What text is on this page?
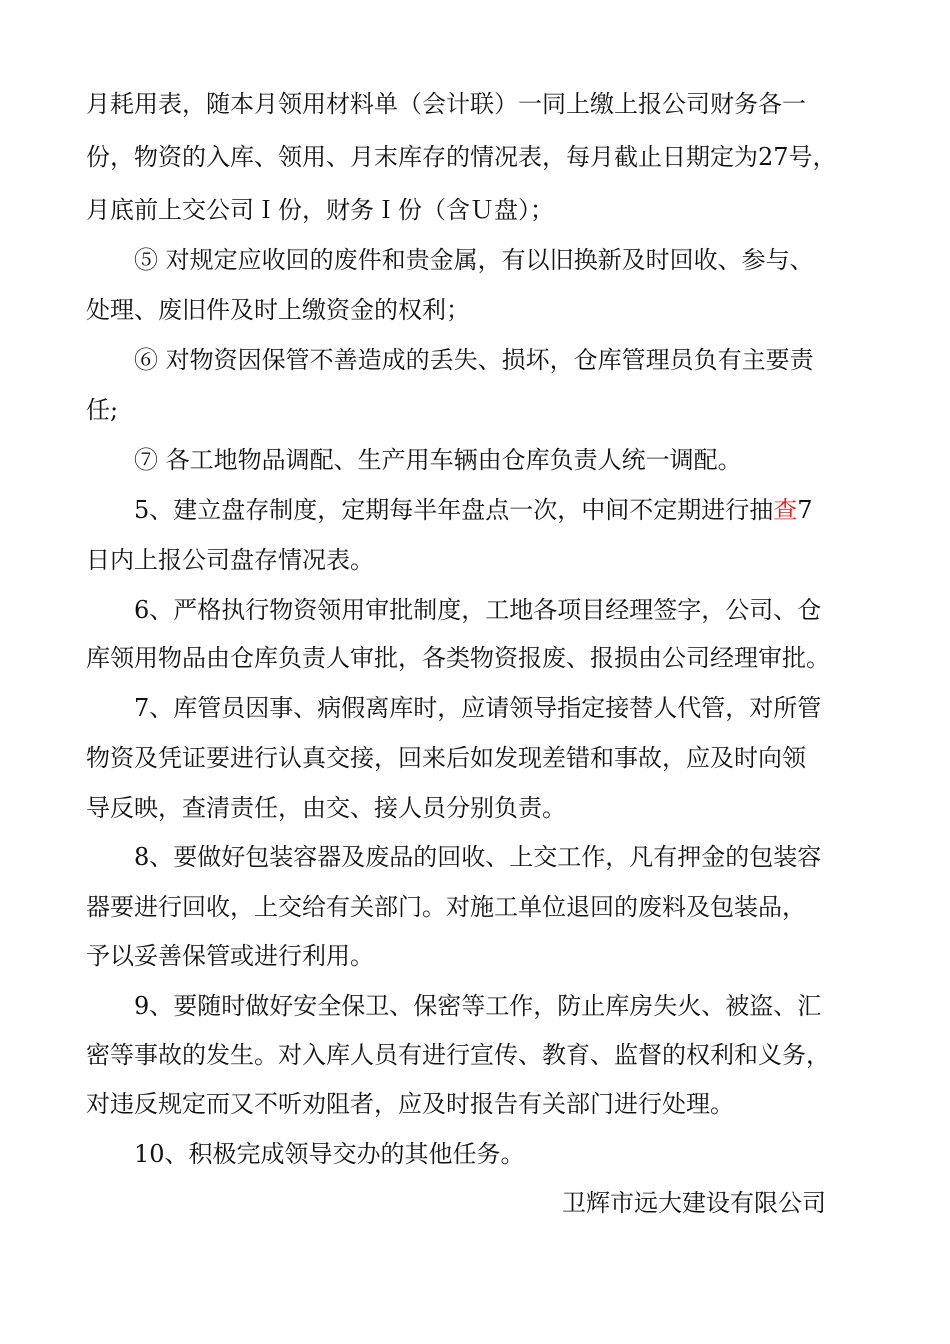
月耗用表，随本月领用材料单（会计联）一同上缴上报公司财务各一
份，物资的入库、领用、月末库存的情况表，每月截止日期定为27号，
月底前上交公司Ｉ份，财务Ｉ份（含Ｕ盘）；
⑤ 对规定应收回的废件和贵金属，有以旧换新及时回收、参与、
处理、废旧件及时上缴资金的权利；
⑥ 对物资因保管不善造成的丢失、损坏，仓库管理员负有主要责
任;
⑦ 各工地物品调配、生产用车辆由仓库负责人统一调配。
5、建立盘存制度，定期每半年盘点一次，中间不定期进行抽查7
日内上报公司盘存情况表。
6、严格执行物资领用审批制度，工地各项目经理签字，公司、仓
库领用物品由仓库负责人审批，各类物资报废、报损由公司经理审批。
7、库管员因事、病假离库时，应请领导指定接替人代管，对所管
物资及凭证要进行认真交接，回来后如发现差错和事故，应及时向领
导反映，查清责任，由交、接人员分别负责。
8、要做好包装容器及废品的回收、上交工作，凡有押金的包装容
器要进行回收，上交给有关部门。对施工单位退回的废料及包装品，
予以妥善保管或进行利用。
9、要随时做好安全保卫、保密等工作，防止库房失火、被盗、汇
密等事故的发生。对入库人员有进行宣传、教育、监督的权利和义务，
对违反规定而又不听劝阻者，应及时报告有关部门进行处理。
10、积极完成领导交办的其他任务。
卫辉市远大建设有限公司
